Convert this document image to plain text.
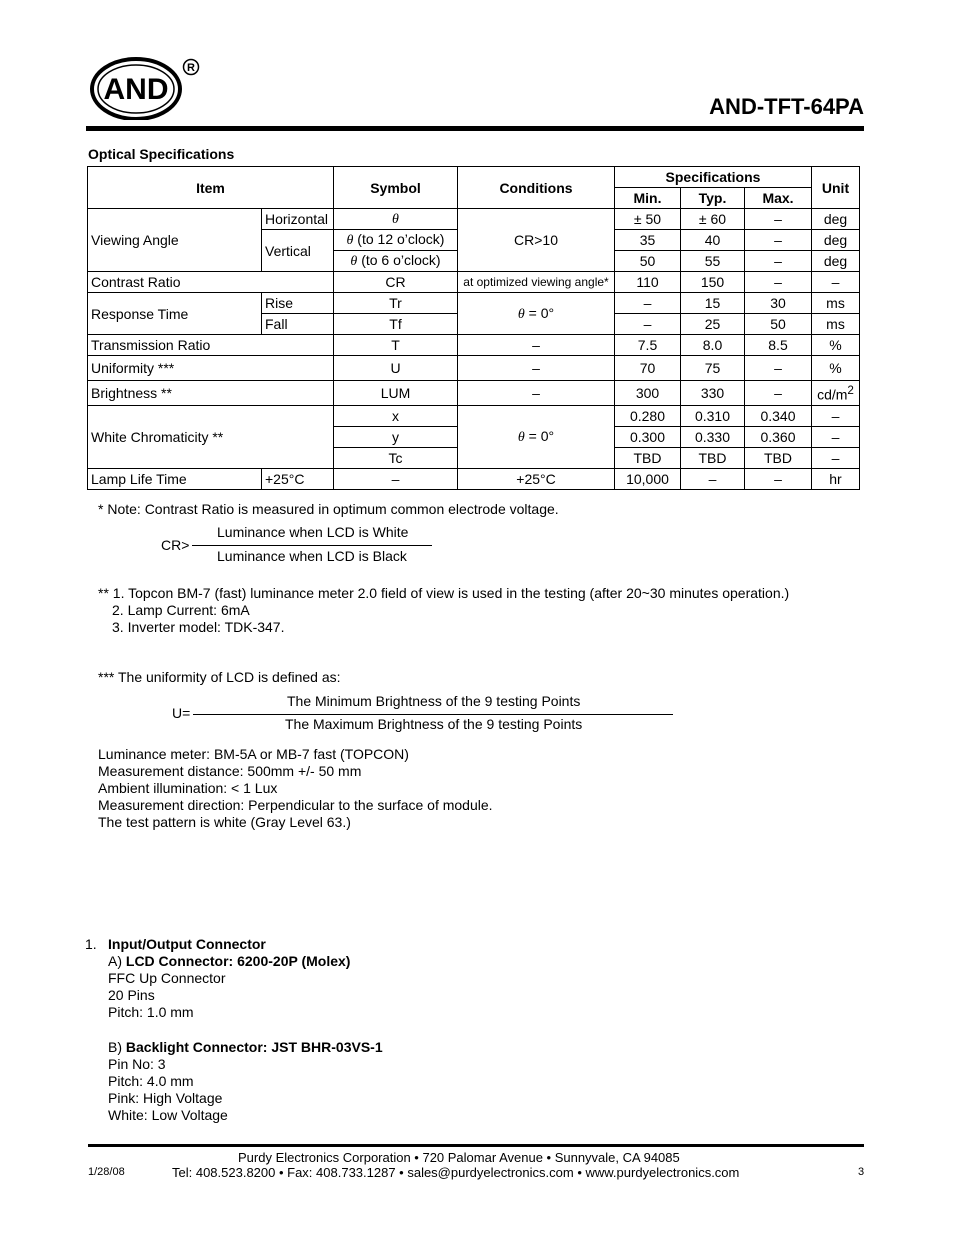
AND
R
AND-TFT-64PA
Optical Specifications
Item		Symbol	Conditions	Specifications			Unit
				Min.	Typ.	Max.	
Viewing Angle	Horizontal	θ	CR>10	± 50	± 60	–	deg
	Vertical	θ (to 12 o’clock)		35	40	–	deg
		θ (to 6 o’clock)		50	55	–	deg
Contrast Ratio		CR	at optimized viewing angle*	110	150	–	–
Response Time	Rise	Tr	θ = 0°	–	15	30	ms
	Fall	Tf		–	25	50	ms
Transmission Ratio		T	–	7.5	8.0	8.5	%
Uniformity ***		U	–	70	75	–	%
Brightness **		LUM	–	300	330	–	$cd/m^2$
White Chromaticity **		x	θ = 0°	0.280	0.310	0.340	–
		y		0.300	0.330	0.360	–
		Tc		TBD	TBD	TBD	–
Lamp Life Time	+25°C	–	+25°C	10,000	–	–	hr
* Note: Contrast Ratio is measured in optimum common electrode voltage.
CR>
Luminance when LCD is White
Luminance when LCD is Black
** 1. Topcon BM-7 (fast) luminance meter 2.0 field of view is used in the testing (after 20~30 minutes operation.)
2. Lamp Current: 6mA
3. Inverter model: TDK-347.
*** The uniformity of LCD is defined as:
U=
The Minimum Brightness of the 9 testing Points
The Maximum Brightness of the 9 testing Points
Luminance meter: BM-5A or MB-7 fast (TOPCON)
Measurement distance: 500mm +/- 50 mm
Ambient illumination: < 1 Lux
Measurement direction: Perpendicular to the surface of module.
The test pattern is white (Gray Level 63.)
1. Input/Output Connector
A) LCD Connector: 6200-20P (Molex)
FFC Up Connector
20 Pins
Pitch: 1.0 mm
B) Backlight Connector: JST BHR-03VS-1
Pin No: 3
Pitch: 4.0 mm
Pink: High Voltage
White: Low Voltage
Purdy Electronics Corporation • 720 Palomar Avenue • Sunnyvale, CA 94085
1/28/08	Tel: 408.523.8200 • Fax: 408.733.1287 • sales@purdyelectronics.com • www.purdyelectronics.com	3
